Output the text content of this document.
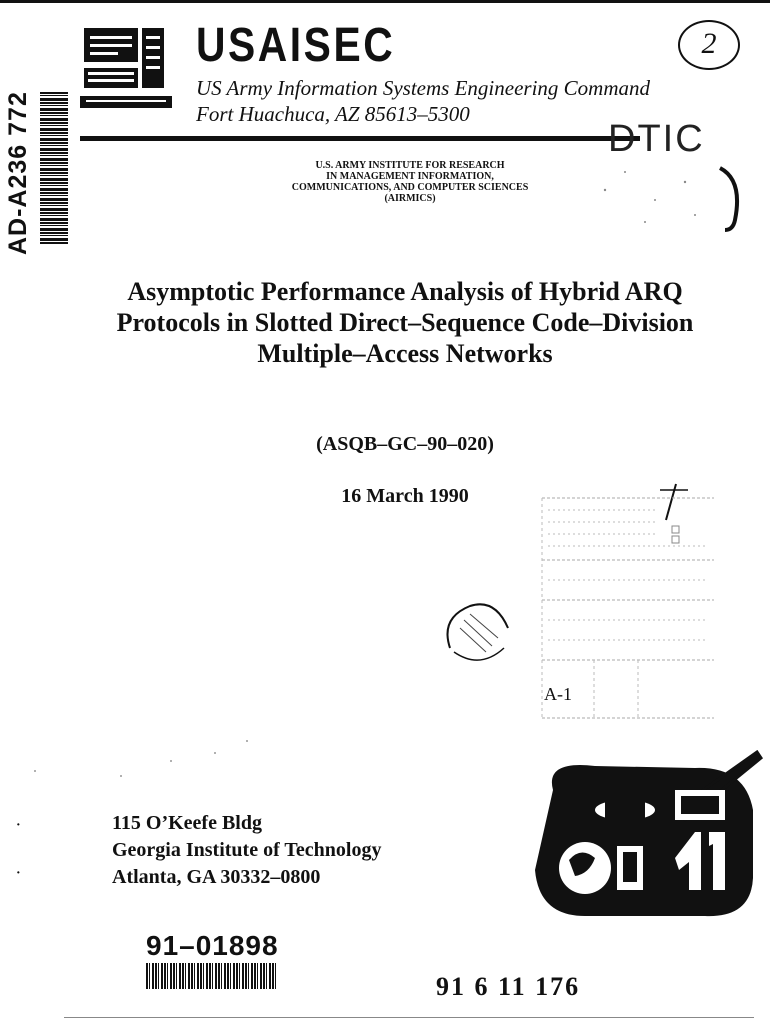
AD-A236 772
USAISEC
US Army Information Systems Engineering Command
Fort Huachuca, AZ 85613–5300
2
DTIC
U.S. ARMY INSTITUTE FOR RESEARCH
IN MANAGEMENT INFORMATION,
COMMUNICATIONS, AND COMPUTER SCIENCES
(AIRMICS)
Asymptotic Performance Analysis of Hybrid ARQ
Protocols in Slotted Direct–Sequence Code–Division
Multiple–Access Networks
(ASQB–GC–90–020)
16 March 1990
A-1
115 O’Keefe Bldg
Georgia Institute of Technology
Atlanta, GA 30332–0800
·
·
91–01898
91 6 11 176
